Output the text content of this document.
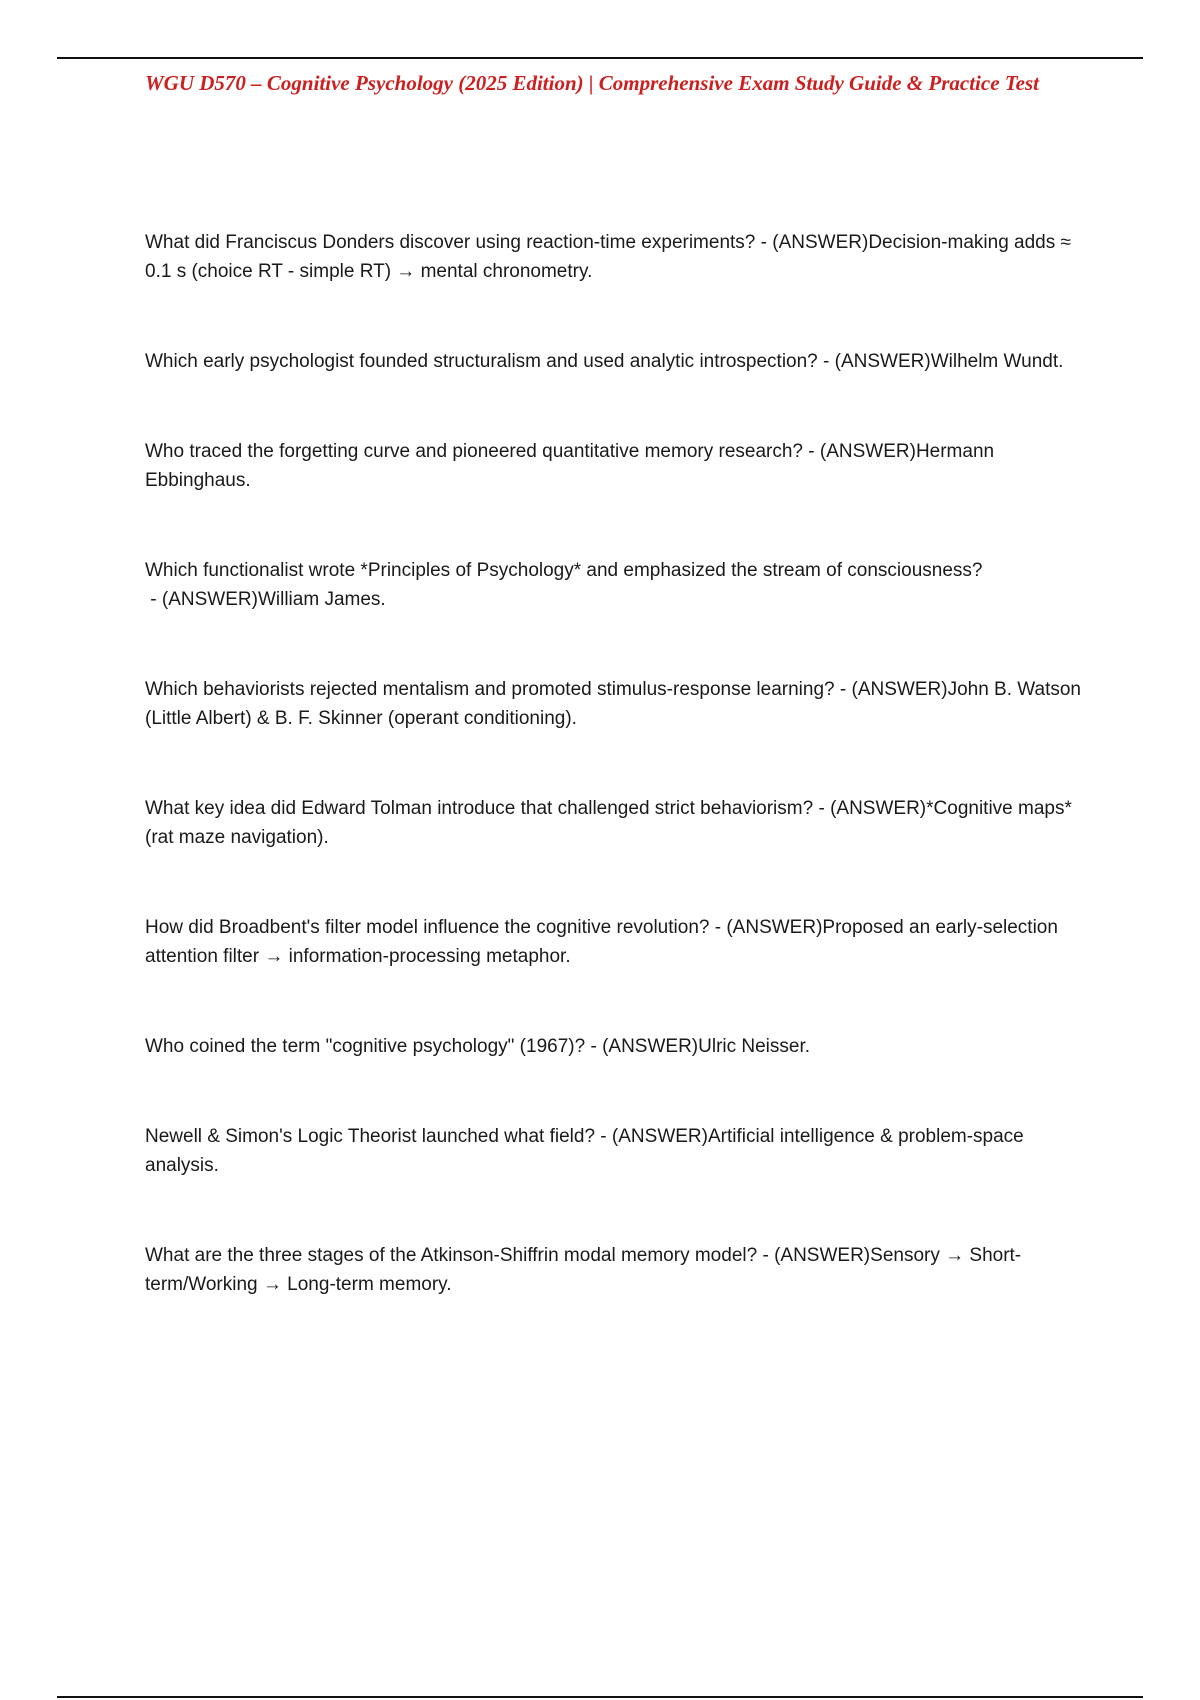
WGU D570 – Cognitive Psychology (2025 Edition) | Comprehensive Exam Study Guide & Practice Test
What did Franciscus Donders discover using reaction-time experiments? - (ANSWER)Decision-making adds ≈ 0.1 s (choice RT - simple RT) → mental chronometry.
Which early psychologist founded structuralism and used analytic introspection? - (ANSWER)Wilhelm Wundt.
Who traced the forgetting curve and pioneered quantitative memory research? - (ANSWER)Hermann Ebbinghaus.
Which functionalist wrote *Principles of Psychology* and emphasized the stream of consciousness? - (ANSWER)William James.
Which behaviorists rejected mentalism and promoted stimulus-response learning? - (ANSWER)John B. Watson (Little Albert) & B. F. Skinner (operant conditioning).
What key idea did Edward Tolman introduce that challenged strict behaviorism? - (ANSWER)*Cognitive maps* (rat maze navigation).
How did Broadbent's filter model influence the cognitive revolution? - (ANSWER)Proposed an early-selection attention filter → information-processing metaphor.
Who coined the term "cognitive psychology" (1967)? - (ANSWER)Ulric Neisser.
Newell & Simon's Logic Theorist launched what field? - (ANSWER)Artificial intelligence & problem-space analysis.
What are the three stages of the Atkinson-Shiffrin modal memory model? - (ANSWER)Sensory → Short-term/Working → Long-term memory.
